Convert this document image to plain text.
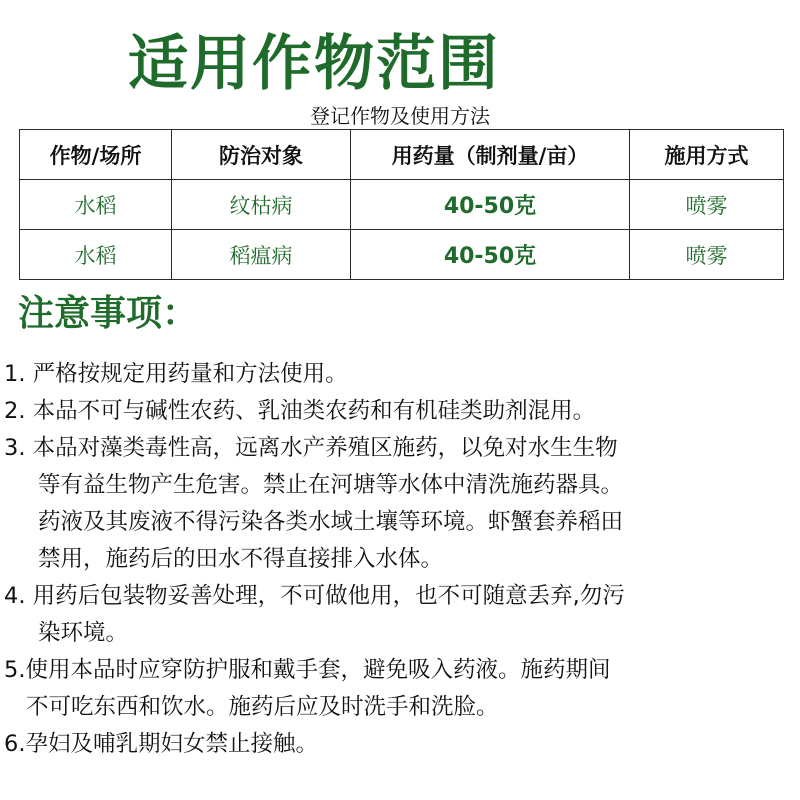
适用作物范围
登记作物及使用方法
作物/场所	防治对象	用药量（制剂量/亩）	施用方式
水稻	纹枯病	40-50克	喷雾
水稻	稻瘟病	40-50克	喷雾
注意事项：
1. 严格按规定用药量和方法使用。
2. 本品不可与碱性农药、乳油类农药和有机硅类助剂混用。
3. 本品对藻类毒性高，远离水产养殖区施药，以免对水生生物
等有益生物产生危害。禁止在河塘等水体中清洗施药器具。
药液及其废液不得污染各类水域土壤等环境。虾蟹套养稻田
禁用，施药后的田水不得直接排入水体。
4. 用药后包装物妥善处理，不可做他用，也不可随意丢弃,勿污
染环境。
5.使用本品时应穿防护服和戴手套，避免吸入药液。施药期间
不可吃东西和饮水。施药后应及时洗手和洗脸。
6.孕妇及哺乳期妇女禁止接触。
